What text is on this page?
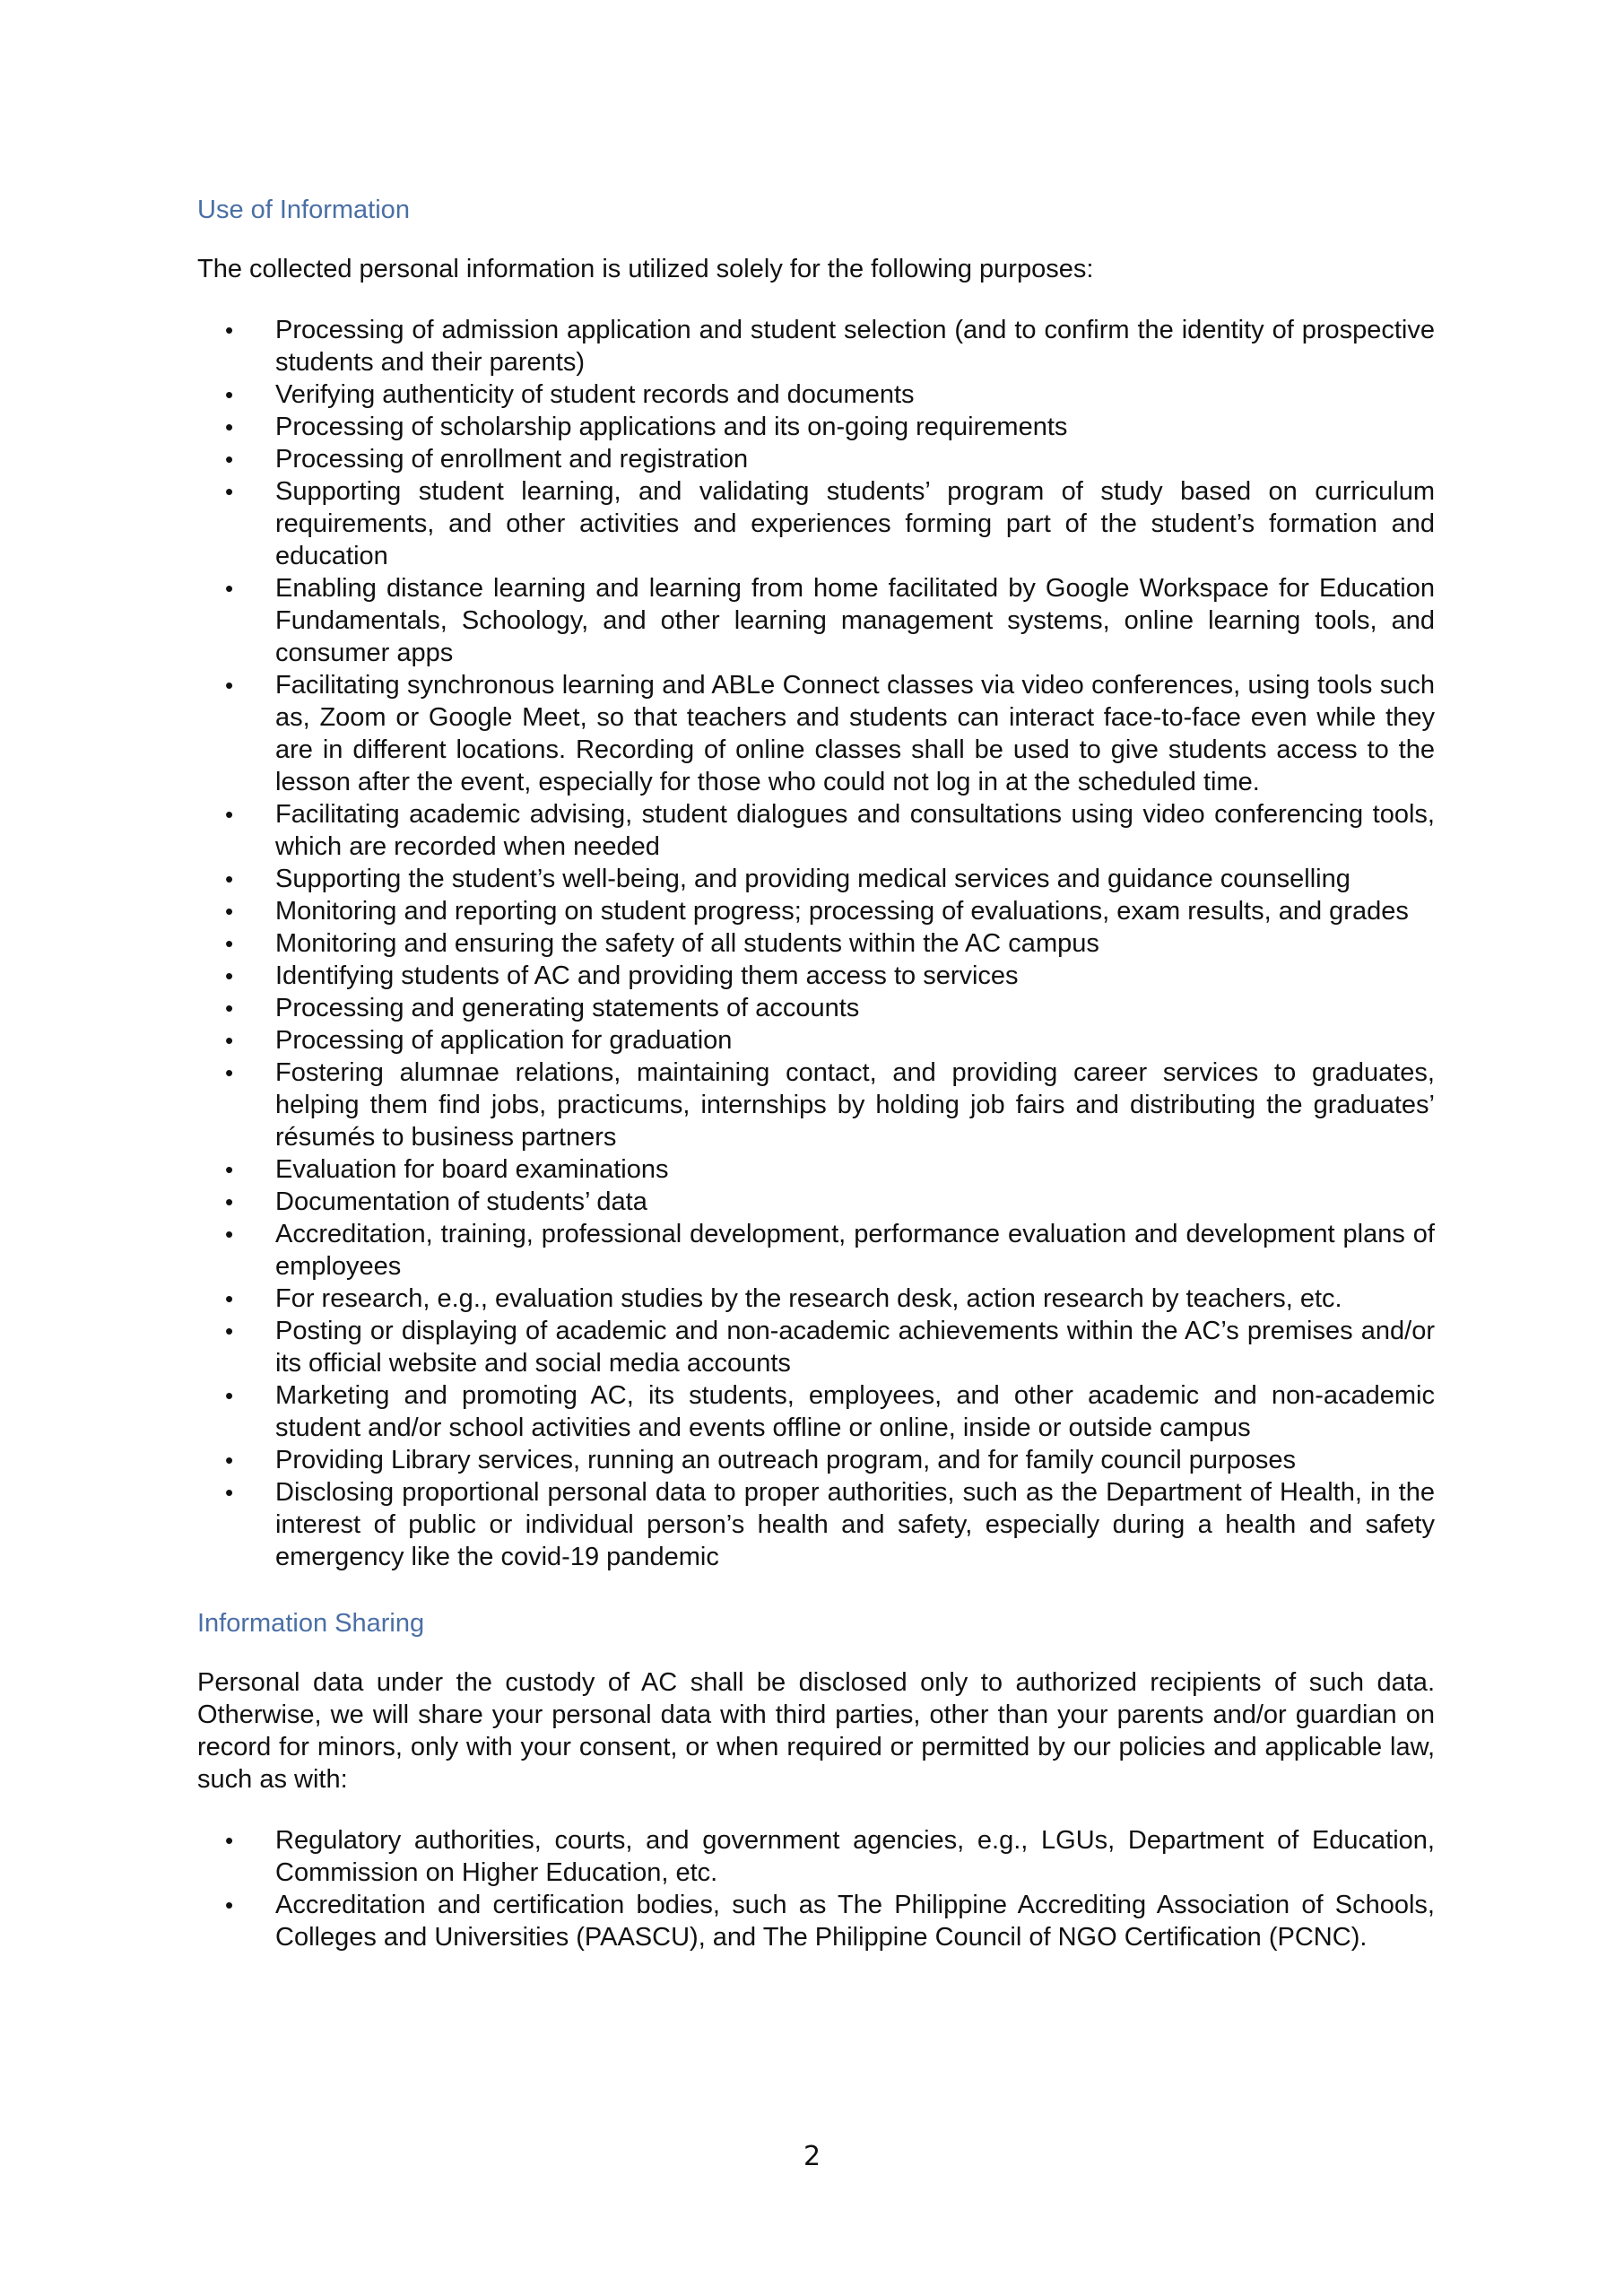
Use of Information

The collected personal information is utilized solely for the following purposes:

• Processing of admission application and student selection (and to confirm the identity of prospective students and their parents)
• Verifying authenticity of student records and documents
• Processing of scholarship applications and its on-going requirements
• Processing of enrollment and registration
• Supporting student learning, and validating students’ program of study based on curriculum requirements, and other activities and experiences forming part of the student’s formation and education
• Enabling distance learning and learning from home facilitated by Google Workspace for Education Fundamentals, Schoology, and other learning management systems, online learning tools, and consumer apps
• Facilitating synchronous learning and ABLe Connect classes via video conferences, using tools such as, Zoom or Google Meet, so that teachers and students can interact face-to-face even while they are in different locations. Recording of online classes shall be used to give students access to the lesson after the event, especially for those who could not log in at the scheduled time.
• Facilitating academic advising, student dialogues and consultations using video conferencing tools, which are recorded when needed
• Supporting the student’s well-being, and providing medical services and guidance counselling
• Monitoring and reporting on student progress; processing of evaluations, exam results, and grades
• Monitoring and ensuring the safety of all students within the AC campus
• Identifying students of AC and providing them access to services
• Processing and generating statements of accounts
• Processing of application for graduation
• Fostering alumnae relations, maintaining contact, and providing career services to graduates, helping them find jobs, practicums, internships by holding job fairs and distributing the graduates’ résumés to business partners
• Evaluation for board examinations
• Documentation of students’ data
• Accreditation, training, professional development, performance evaluation and development plans of employees
• For research, e.g., evaluation studies by the research desk, action research by teachers, etc.
• Posting or displaying of academic and non-academic achievements within the AC’s premises and/or its official website and social media accounts
• Marketing and promoting AC, its students, employees, and other academic and non-academic student and/or school activities and events offline or online, inside or outside campus
• Providing Library services, running an outreach program, and for family council purposes
• Disclosing proportional personal data to proper authorities, such as the Department of Health, in the interest of public or individual person’s health and safety, especially during a health and safety emergency like the covid-19 pandemic
Information Sharing

Personal data under the custody of AC shall be disclosed only to authorized recipients of such data. Otherwise, we will share your personal data with third parties, other than your parents and/or guardian on record for minors, only with your consent, or when required or permitted by our policies and applicable law, such as with:

• Regulatory authorities, courts, and government agencies, e.g., LGUs, Department of Education, Commission on Higher Education, etc.
• Accreditation and certification bodies, such as The Philippine Accrediting Association of Schools, Colleges and Universities (PAASCU), and The Philippine Council of NGO Certification (PCNC).
2
